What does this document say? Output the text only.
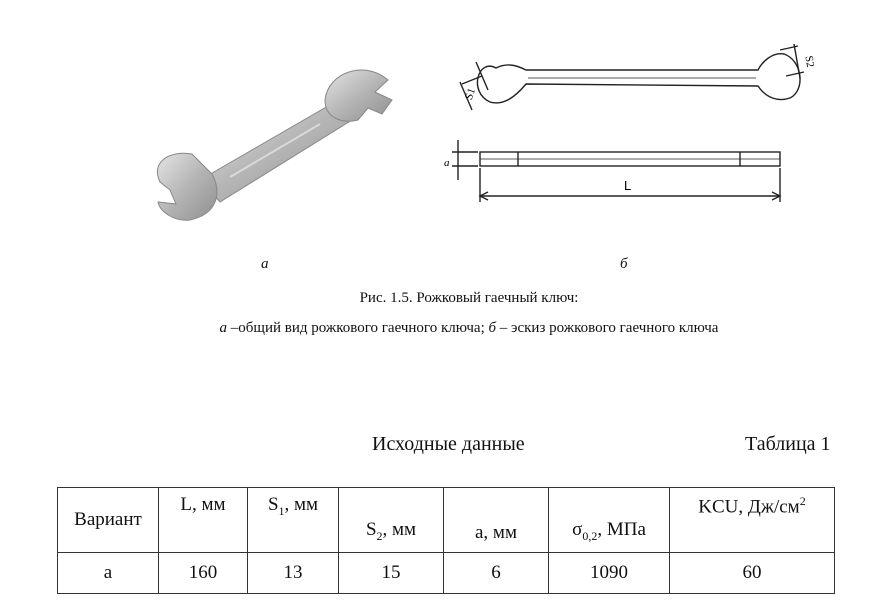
S1
S2
a
L
а	б
Рис. 1.5. Рожковый гаечный ключ:
а –общий вид рожкового гаечного ключа; б – эскиз рожкового гаечного ключа
Исходные данные	Таблица 1
Вариант	L, мм	$S_1$, мм	$S_2$, мм	a, мм	$\sigma_{0,2}$, МПа	KCU, $Дж/см^2$
а	160	13	15	6	1090	60
